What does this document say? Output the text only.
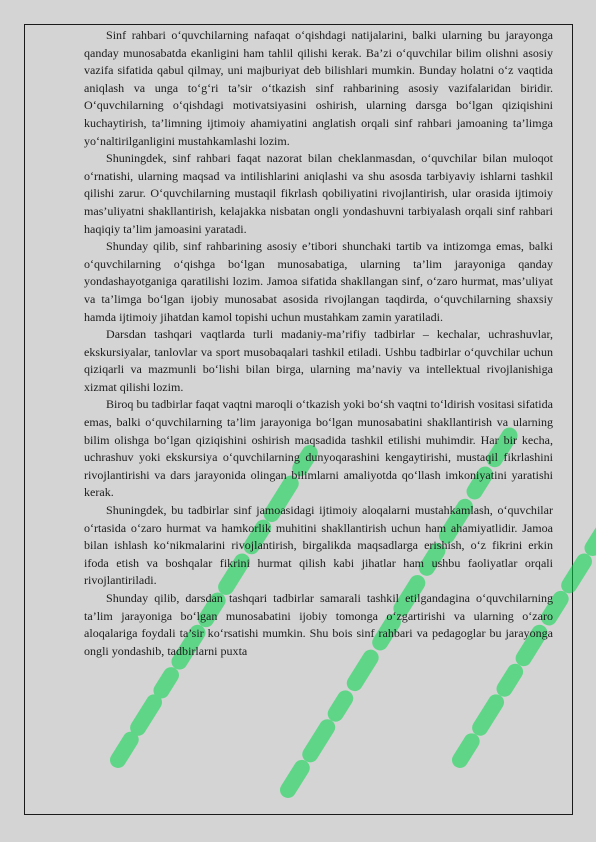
Sinf rahbari o‘quvchilarning nafaqat o‘qishdagi natijalarini, balki ularning bu jarayonga qanday munosabatda ekanligini ham tahlil qilishi kerak. Ba’zi o‘quvchilar bilim olishni asosiy vazifa sifatida qabul qilmay, uni majburiyat deb bilishlari mumkin. Bunday holatni o‘z vaqtida aniqlash va unga to‘g‘ri ta’sir o‘tkazish sinf rahbarining asosiy vazifalaridan biridir. O‘quvchilarning o‘qishdagi motivatsiyasini oshirish, ularning darsga bo‘lgan qiziqishini kuchaytirish, ta’limning ijtimoiy ahamiyatini anglatish orqali sinf rahbari jamoaning ta’limga yo‘naltirilganligini mustahkamlashi lozim.

Shuningdek, sinf rahbari faqat nazorat bilan cheklanmasdan, o‘quvchilar bilan muloqot o‘rnatishi, ularning maqsad va intilishlarini aniqlashi va shu asosda tarbiyaviy ishlarni tashkil qilishi zarur. O‘quvchilarning mustaqil fikrlash qobiliyatini rivojlantirish, ular orasida ijtimoiy mas’uliyatni shakllantirish, kelajakka nisbatan ongli yondashuvni tarbiyalash orqali sinf rahbari haqiqiy ta’lim jamoasini yaratadi.

Shunday qilib, sinf rahbarining asosiy e’tibori shunchaki tartib va intizomga emas, balki o‘quvchilarning o‘qishga bo‘lgan munosabatiga, ularning ta’lim jarayoniga qanday yondashayotganiga qaratilishi lozim. Jamoa sifatida shakllangan sinf, o‘zaro hurmat, mas’uliyat va ta’limga bo‘lgan ijobiy munosabat asosida rivojlangan taqdirda, o‘quvchilarning shaxsiy hamda ijtimoiy jihatdan kamol topishi uchun mustahkam zamin yaratiladi.

Darsdan tashqari vaqtlarda turli madaniy-ma’rifiy tadbirlar – kechalar, uchrashuvlar, ekskursiyalar, tanlovlar va sport musobaqalari tashkil etiladi. Ushbu tadbirlar o‘quvchilar uchun qiziqarli va mazmunli bo‘lishi bilan birga, ularning ma’naviy va intellektual rivojlanishiga xizmat qilishi lozim.

Biroq bu tadbirlar faqat vaqtni maroqli o‘tkazish yoki bo‘sh vaqtni to‘ldirish vositasi sifatida emas, balki o‘quvchilarning ta’lim jarayoniga bo‘lgan munosabatini shakllantirish va ularning bilim olishga bo‘lgan qiziqishini oshirish maqsadida tashkil etilishi muhimdir. Har bir kecha, uchrashuv yoki ekskursiya o‘quvchilarning dunyoqarashini kengaytirishi, mustaqil fikrlashini rivojlantirishi va dars jarayonida olingan bilimlarni amaliyotda qo‘llash imkoniyatini yaratishi kerak.

Shuningdek, bu tadbirlar sinf jamoasidagi ijtimoiy aloqalarni mustahkamlash, o‘quvchilar o‘rtasida o‘zaro hurmat va hamkorlik muhitini shakllantirish uchun ham ahamiyatlidir. Jamoa bilan ishlash ko‘nikmalarini rivojlantirish, birgalikda maqsadlarga erishish, o‘z fikrini erkin ifoda etish va boshqalar fikrini hurmat qilish kabi jihatlar ham ushbu faoliyatlar orqali rivojlantiriladi.

Shunday qilib, darsdan tashqari tadbirlar samarali tashkil etilgandagina o‘quvchilarning ta’lim jarayoniga bo‘lgan munosabatini ijobiy tomonga o‘zgartirishi va ularning o‘zaro aloqalariga foydali ta’sir ko‘rsatishi mumkin. Shu bois sinf rahbari va pedagoglar bu jarayonga ongli yondashib, tadbirlarni puxta
